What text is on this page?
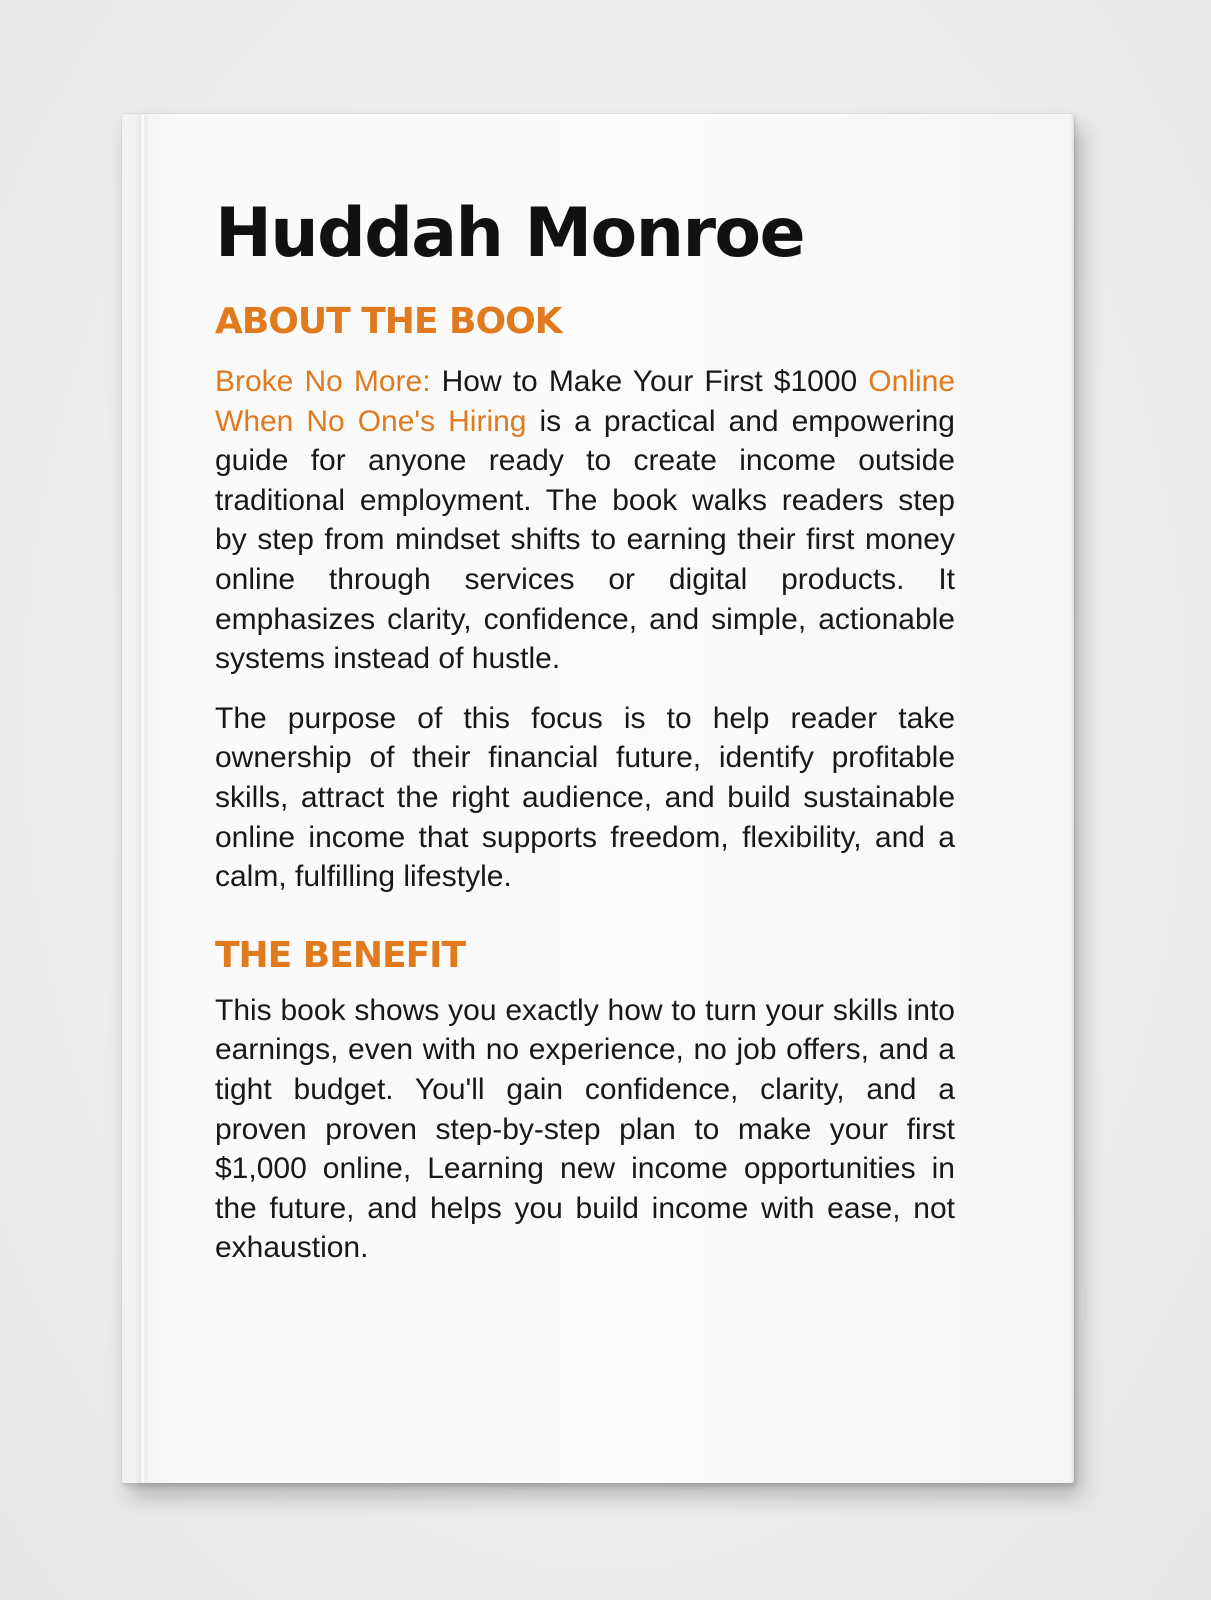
Huddah Monroe
ABOUT THE BOOK

Broke No More: How to Make Your First $1000 Online When No One's Hiring is a practical and empowering guide for anyone ready to create income outside traditional employment. The book walks readers step by step from mindset shifts to earning their first money online through services or digital products. It emphasizes clarity, confidence, and simple, actionable systems instead of hustle.

The purpose of this focus is to help reader take ownership of their financial future, identify profitable skills, attract the right audience, and build sustainable online income that supports freedom, flexibility, and a calm, fulfilling lifestyle.

THE BENEFIT

This book shows you exactly how to turn your skills into earnings, even with no experience, no job offers, and a tight budget. You'll gain confidence, clarity, and a proven proven step-by-step plan to make your first $1,000 online, Learning new income opportunities in the future, and helps you build income with ease, not exhaustion.
